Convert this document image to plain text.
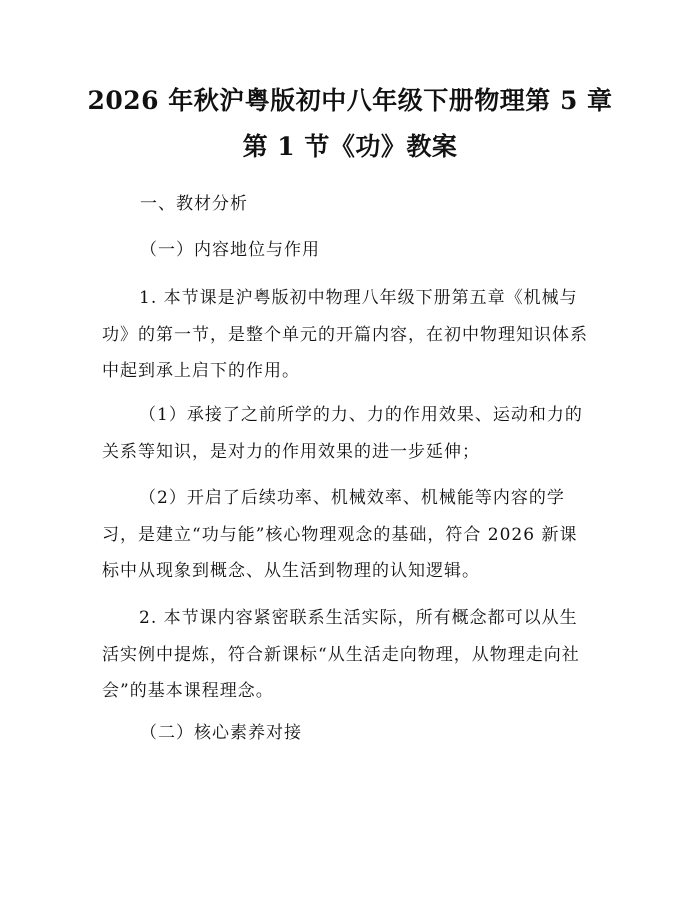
2026 年秋沪粤版初中八年级下册物理第 5 章
第 1 节《功》教案

一、教材分析

（一）内容地位与作用

1. 本节课是沪粤版初中物理八年级下册第五章《机械与
功》的第一节，是整个单元的开篇内容，在初中物理知识体系
中起到承上启下的作用。

（1）承接了之前所学的力、力的作用效果、运动和力的
关系等知识，是对力的作用效果的进一步延伸；

（2）开启了后续功率、机械效率、机械能等内容的学
习，是建立“功与能”核心物理观念的基础，符合 2026 新课
标中从现象到概念、从生活到物理的认知逻辑。

2. 本节课内容紧密联系生活实际，所有概念都可以从生
活实例中提炼，符合新课标“从生活走向物理，从物理走向社
会”的基本课程理念。

（二）核心素养对接
